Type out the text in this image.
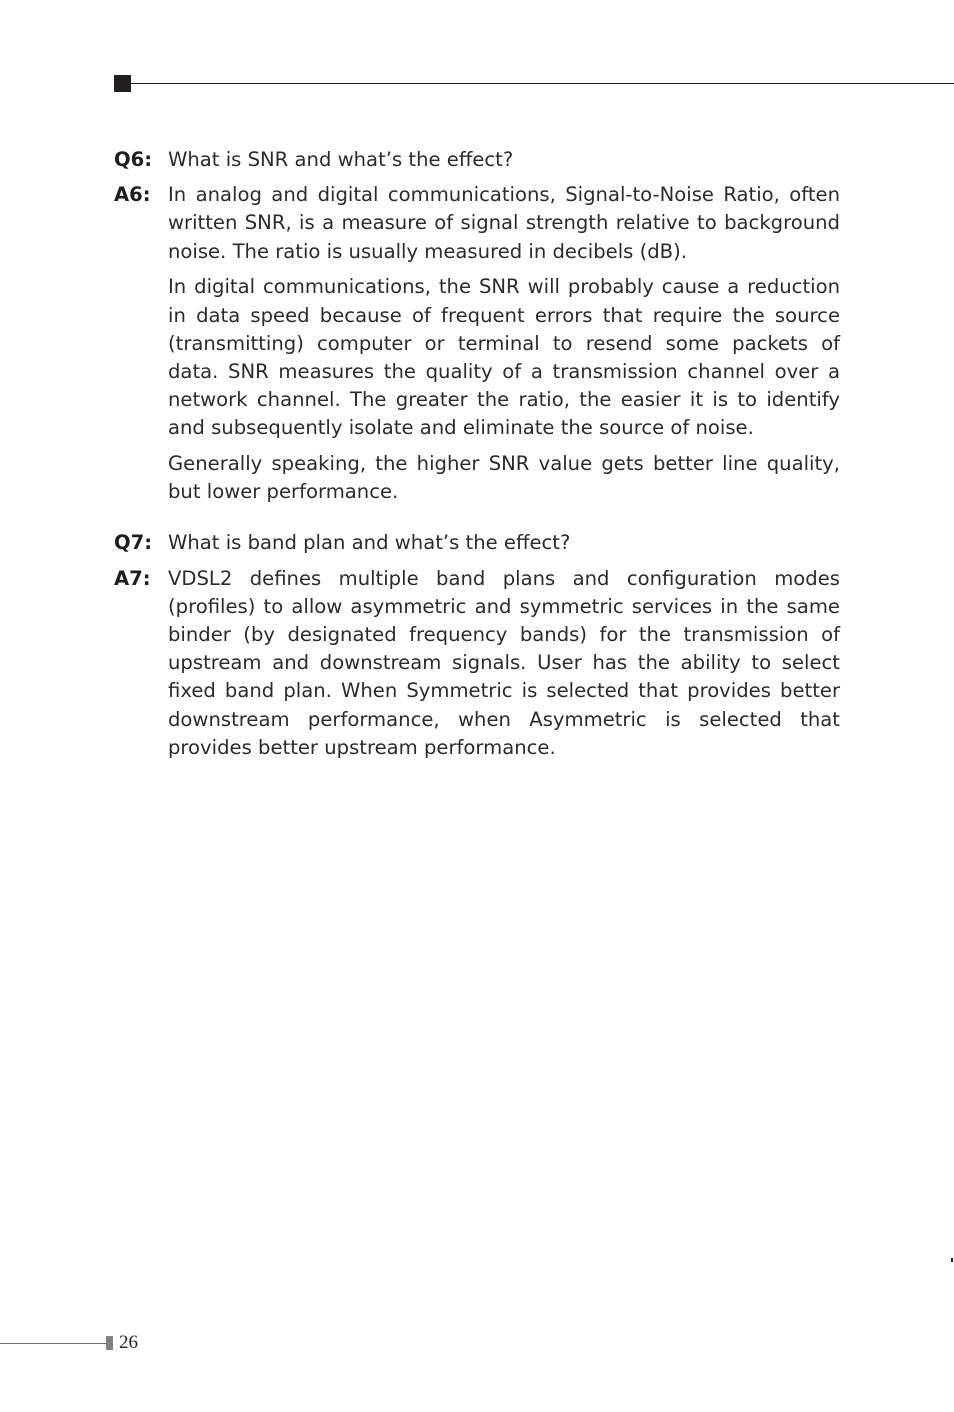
Q6: What is SNR and what’s the effect?

A6: In analog and digital communications, Signal-to-Noise Ratio, often written SNR, is a measure of signal strength relative to background noise. The ratio is usually measured in decibels (dB).

In digital communications, the SNR will probably cause a reduction in data speed because of frequent errors that require the source (transmitting) computer or terminal to resend some packets of data. SNR measures the quality of a transmission channel over a network channel. The greater the ratio, the easier it is to identify and subsequently isolate and eliminate the source of noise.

Generally speaking, the higher SNR value gets better line quality, but lower performance.

Q7: What is band plan and what’s the effect?

A7: VDSL2 defines multiple band plans and configuration modes (profiles) to allow asymmetric and symmetric services in the same binder (by designated frequency bands) for the transmission of upstream and downstream signals. User has the ability to select fixed band plan. When Symmetric is selected that provides better downstream performance, when Asymmetric is selected that provides better upstream performance.

26
